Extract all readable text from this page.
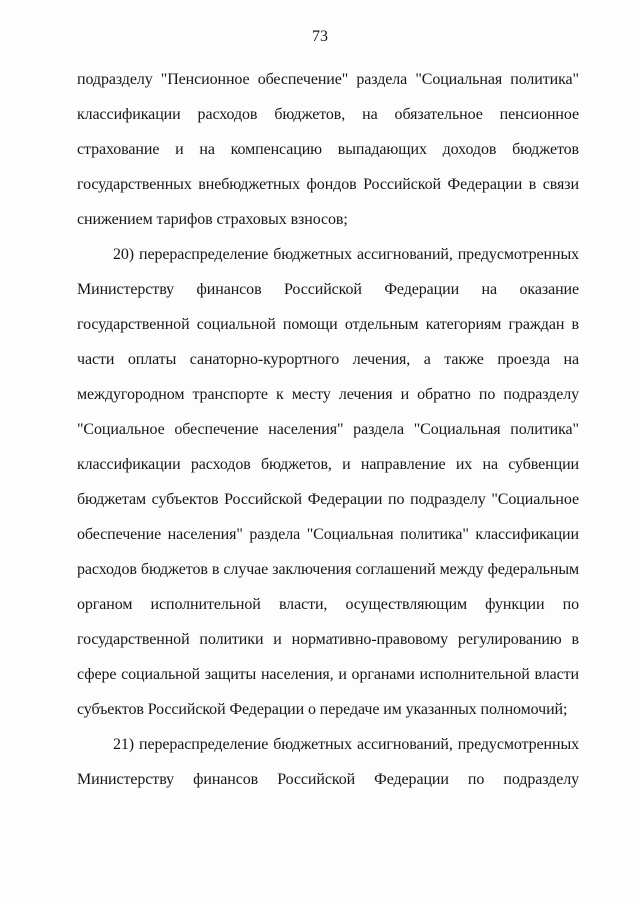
73
подразделу "Пенсионное обеспечение" раздела "Социальная политика"
классификации расходов бюджетов, на обязательное пенсионное
страхование и на компенсацию выпадающих доходов бюджетов
государственных внебюджетных фондов Российской Федерации в связи
снижением тарифов страховых взносов;
20) перераспределение бюджетных ассигнований, предусмотренных
Министерству финансов Российской Федерации на оказание
государственной социальной помощи отдельным категориям граждан в
части оплаты санаторно-курортного лечения, а также проезда на
междугородном транспорте к месту лечения и обратно по подразделу
"Социальное обеспечение населения" раздела "Социальная политика"
классификации расходов бюджетов, и направление их на субвенции
бюджетам субъектов Российской Федерации по подразделу "Социальное
обеспечение населения" раздела "Социальная политика" классификации
расходов бюджетов в случае заключения соглашений между федеральным
органом исполнительной власти, осуществляющим функции по
государственной политики и нормативно-правовому регулированию в
сфере социальной защиты населения, и органами исполнительной власти
субъектов Российской Федерации о передаче им указанных полномочий;
21) перераспределение бюджетных ассигнований, предусмотренных
Министерству финансов Российской Федерации по подразделу
